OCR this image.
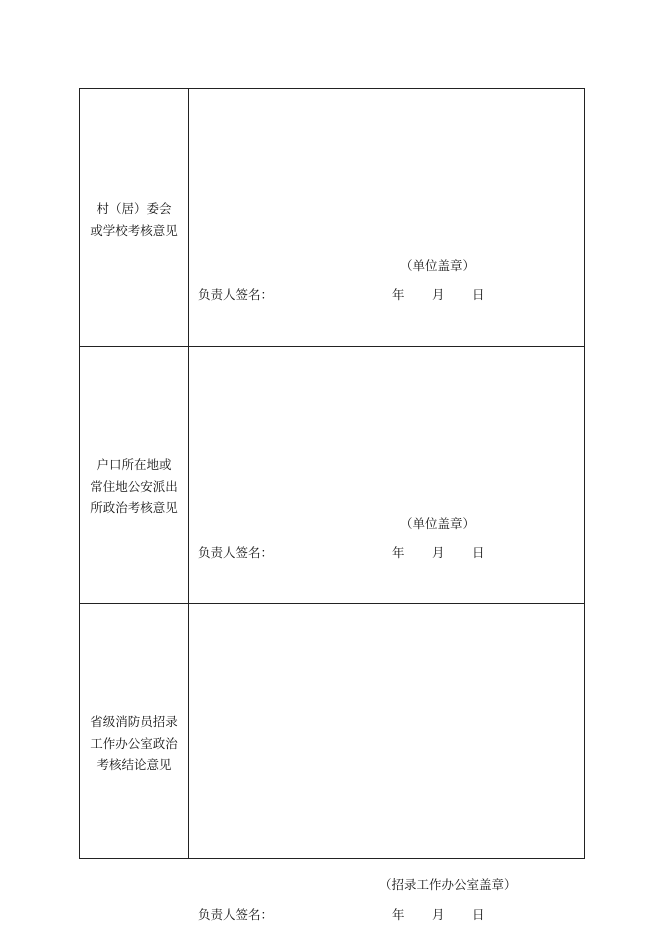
村（居）委会
或学校考核意见
（单位盖章）
负责人签名：	年 月 日
户口所在地或
常住地公安派出
所政治考核意见
（单位盖章）
负责人签名：	年 月 日
省级消防员招录
工作办公室政治
考核结论意见
（招录工作办公室盖章）
负责人签名：	年 月 日
